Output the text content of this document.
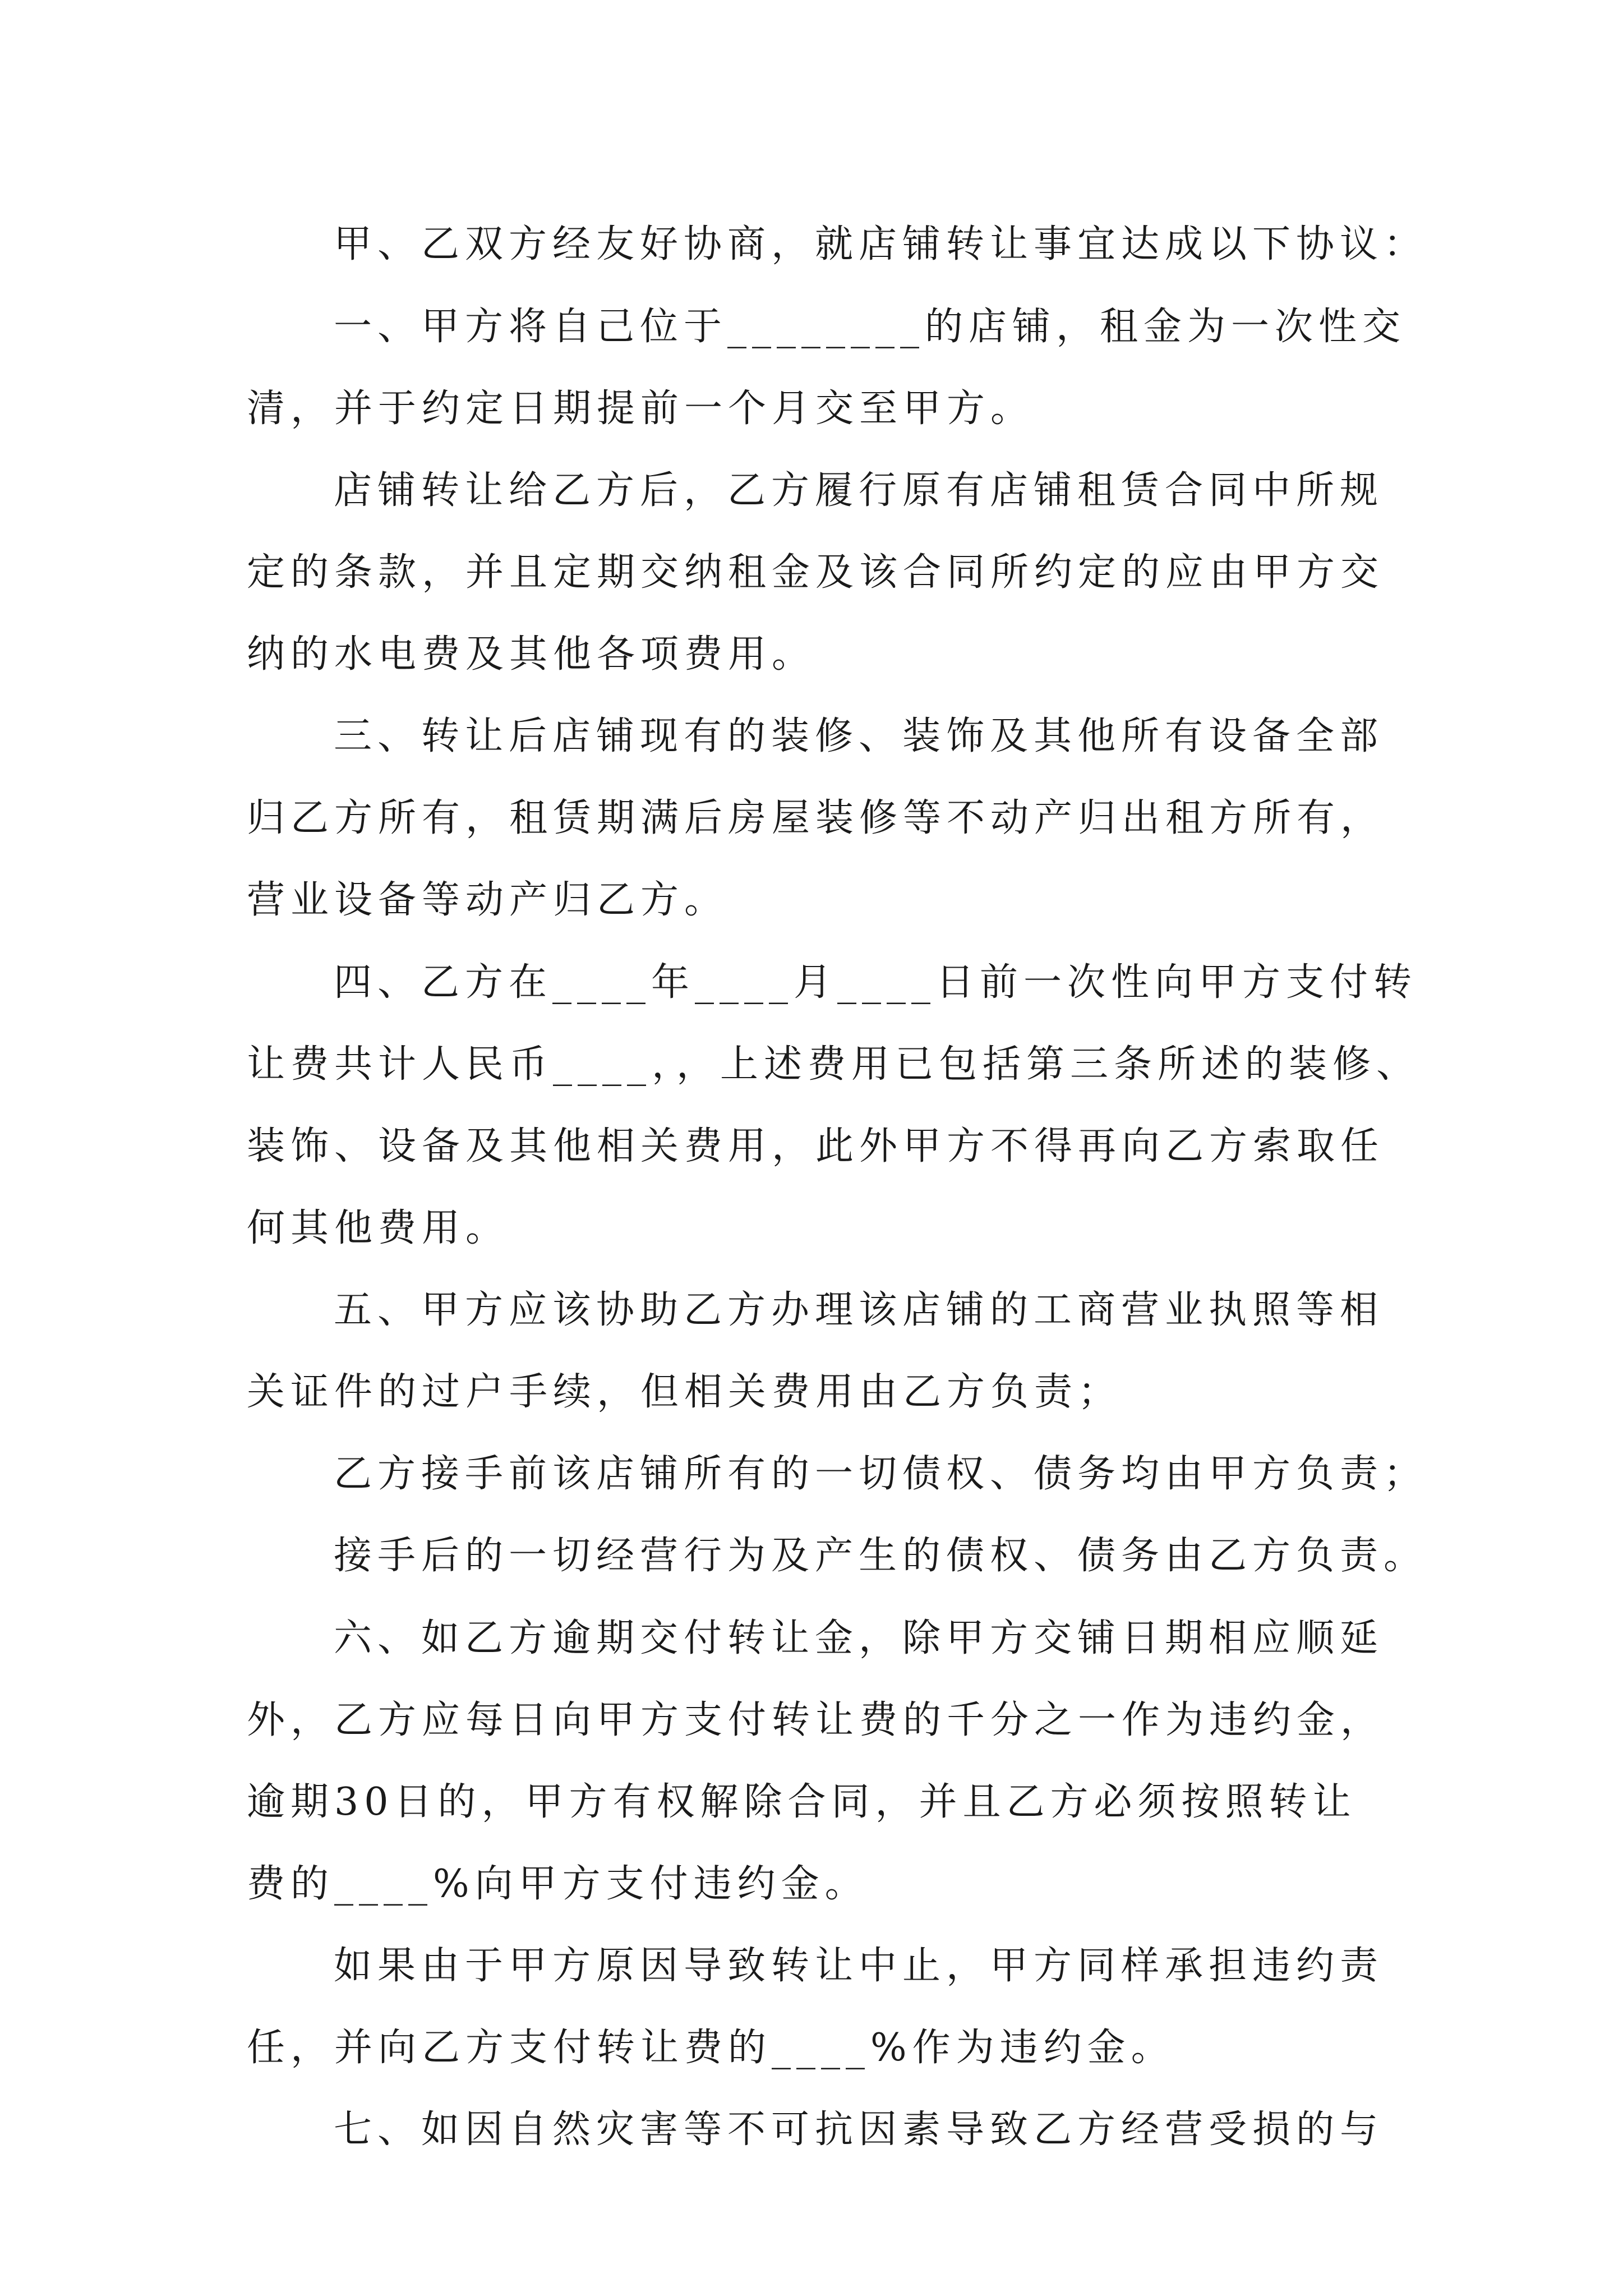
甲、乙双方经友好协商，就店铺转让事宜达成以下协议：
一、甲方将自己位于________的店铺，租金为一次性交
清，并于约定日期提前一个月交至甲方。
店铺转让给乙方后，乙方履行原有店铺租赁合同中所规
定的条款，并且定期交纳租金及该合同所约定的应由甲方交
纳的水电费及其他各项费用。
三、转让后店铺现有的装修、装饰及其他所有设备全部
归乙方所有，租赁期满后房屋装修等不动产归出租方所有，
营业设备等动产归乙方。
四、乙方在____年____月____日前一次性向甲方支付转
让费共计人民币____，，上述费用已包括第三条所述的装修、
装饰、设备及其他相关费用，此外甲方不得再向乙方索取任
何其他费用。
五、甲方应该协助乙方办理该店铺的工商营业执照等相
关证件的过户手续，但相关费用由乙方负责；
乙方接手前该店铺所有的一切债权、债务均由甲方负责；
接手后的一切经营行为及产生的债权、债务由乙方负责。
六、如乙方逾期交付转让金，除甲方交铺日期相应顺延
外，乙方应每日向甲方支付转让费的千分之一作为违约金，
逾期30日的，甲方有权解除合同，并且乙方必须按照转让
费的____%向甲方支付违约金。
如果由于甲方原因导致转让中止，甲方同样承担违约责
任，并向乙方支付转让费的____%作为违约金。
七、如因自然灾害等不可抗因素导致乙方经营受损的与
